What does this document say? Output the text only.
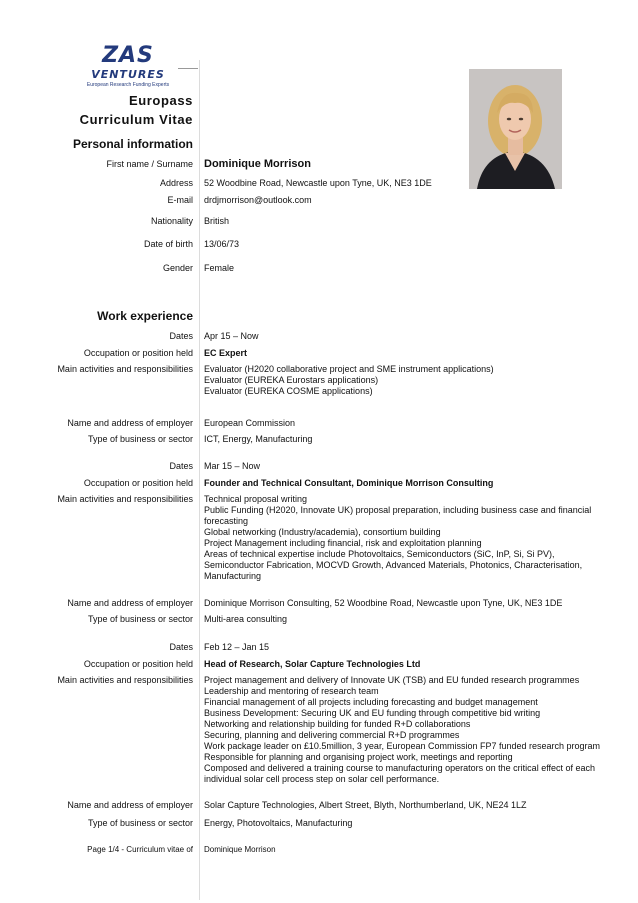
ZAS
VENTURES
European Research Funding Experts
Europass
Curriculum Vitae
Personal information
First name / Surname Dominique Morrison
Address 52 Woodbine Road, Newcastle upon Tyne, UK, NE3 1DE
E-mail drdjmorrison@outlook.com
Nationality British
Date of birth 13/06/73
Gender Female
Work experience
Dates Apr 15 – Now
Occupation or position held EC Expert
Main activities and responsibilities Evaluator (H2020 collaborative project and SME instrument applications)
Evaluator (EUREKA Eurostars applications)
Evaluator (EUREKA COSME applications)
Name and address of employer European Commission
Type of business or sector ICT, Energy, Manufacturing
Dates Mar 15 – Now
Occupation or position held Founder and Technical Consultant, Dominique Morrison Consulting
Main activities and responsibilities Technical proposal writing
Public Funding (H2020, Innovate UK) proposal preparation, including business case and financial
forecasting
Global networking (Industry/academia), consortium building
Project Management including financial, risk and exploitation planning
Areas of technical expertise include Photovoltaics, Semiconductors (SiC, InP, Si, Si PV),
Semiconductor Fabrication, MOCVD Growth, Advanced Materials, Photonics, Characterisation,
Manufacturing
Name and address of employer Dominique Morrison Consulting, 52 Woodbine Road, Newcastle upon Tyne, UK, NE3 1DE
Type of business or sector Multi-area consulting
Dates Feb 12 – Jan 15
Occupation or position held Head of Research, Solar Capture Technologies Ltd
Main activities and responsibilities Project management and delivery of Innovate UK (TSB) and EU funded research programmes
Leadership and mentoring of research team
Financial management of all projects including forecasting and budget management
Business Development: Securing UK and EU funding through competitive bid writing
Networking and relationship building for funded R+D collaborations
Securing, planning and delivering commercial R+D programmes
Work package leader on £10.5million, 3 year, European Commission FP7 funded research program
Responsible for planning and organising project work, meetings and reporting
Composed and delivered a training course to manufacturing operators on the critical effect of each
individual solar cell process step on solar cell performance.
Name and address of employer Solar Capture Technologies, Albert Street, Blyth, Northumberland, UK, NE24 1LZ
Type of business or sector Energy, Photovoltaics, Manufacturing
Page 1/4 - Curriculum vitae of Dominique Morrison
